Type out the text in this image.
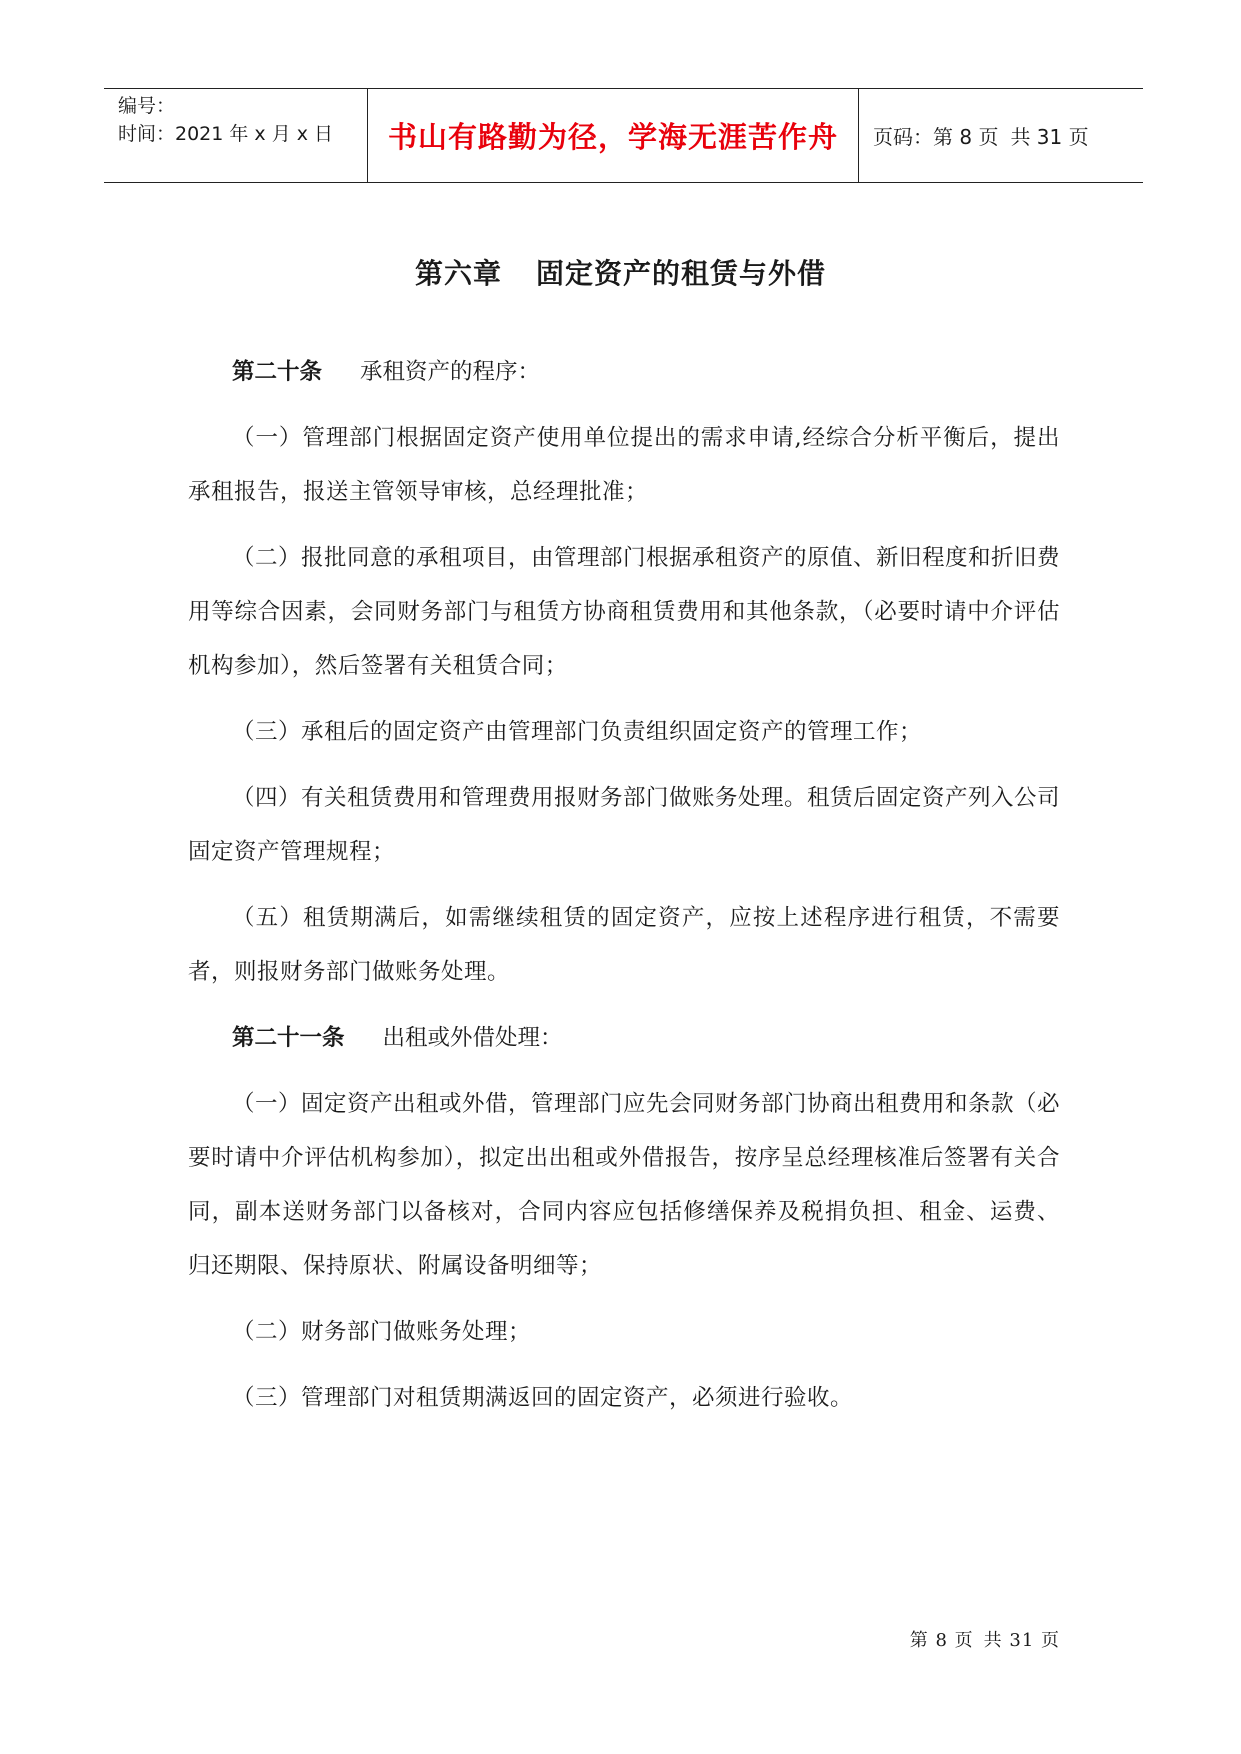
编号：
时间：2021 年 x 月 x 日	书山有路勤为径，学海无涯苦作舟	页码：第 8 页 共 31 页
第六章 固定资产的租赁与外借
第二十条 承租资产的程序：

（一）管理部门根据固定资产使用单位提出的需求申请,经综合分析平衡后，提出承租报告，报送主管领导审核，总经理批准；

（二）报批同意的承租项目，由管理部门根据承租资产的原值、新旧程度和折旧费用等综合因素，会同财务部门与租赁方协商租赁费用和其他条款，（必要时请中介评估机构参加），然后签署有关租赁合同；

（三）承租后的固定资产由管理部门负责组织固定资产的管理工作；

（四）有关租赁费用和管理费用报财务部门做账务处理。租赁后固定资产列入公司固定资产管理规程；

（五）租赁期满后，如需继续租赁的固定资产，应按上述程序进行租赁，不需要者，则报财务部门做账务处理。

第二十一条 出租或外借处理：

（一）固定资产出租或外借，管理部门应先会同财务部门协商出租费用和条款（必要时请中介评估机构参加），拟定出出租或外借报告，按序呈总经理核准后签署有关合同，副本送财务部门以备核对，合同内容应包括修缮保养及税捐负担、租金、运费、归还期限、保持原状、附属设备明细等；

（二）财务部门做账务处理；

（三）管理部门对租赁期满返回的固定资产，必须进行验收。

第 8 页 共 31 页
